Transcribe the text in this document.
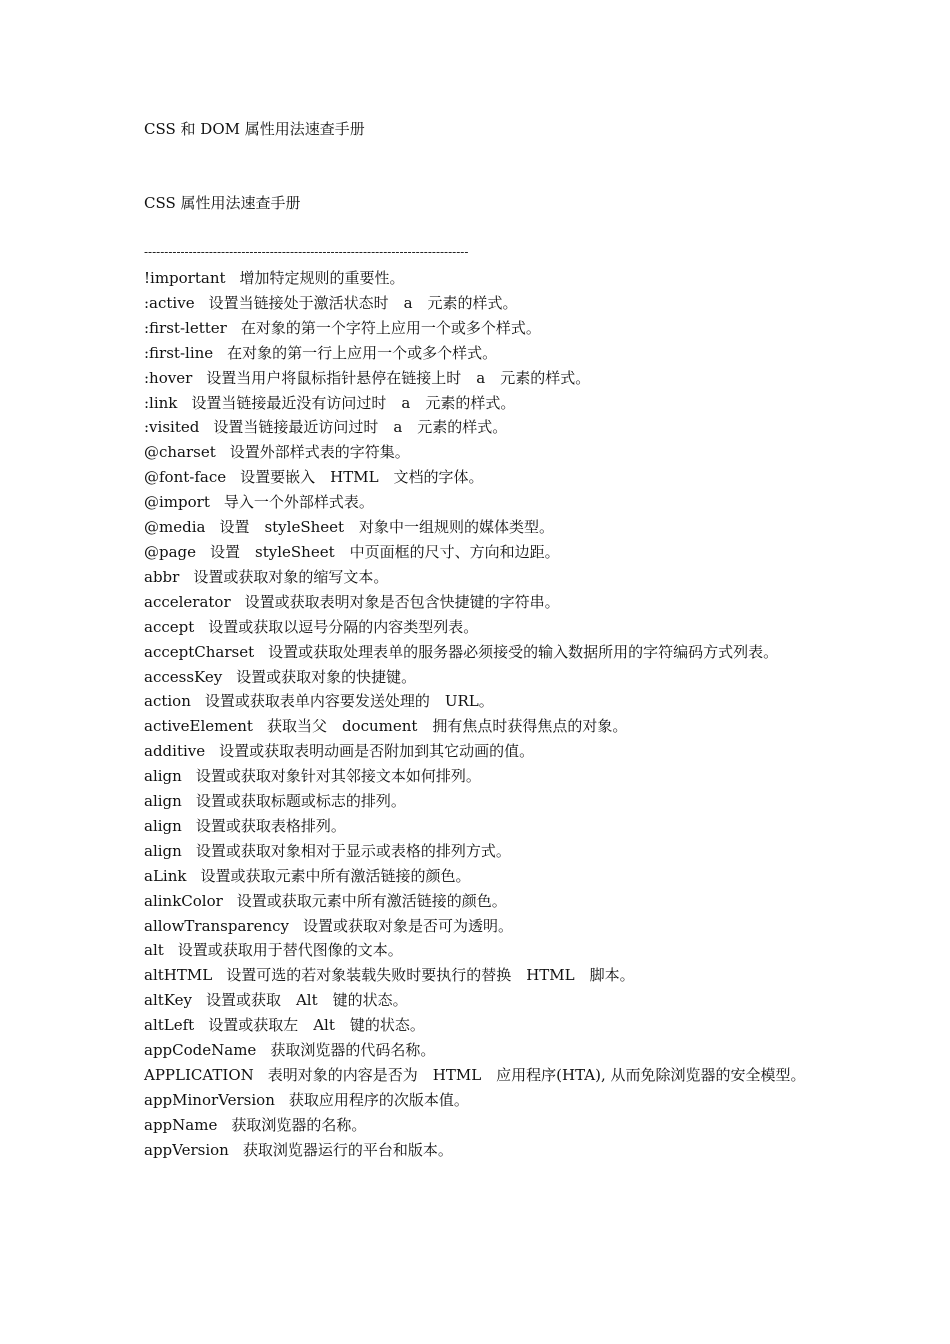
CSS 和 DOM 属性用法速查手册
CSS 属性用法速查手册
--------------------------------------------------------------------------------

!important 增加特定规则的重要性。

:active 设置当链接处于激活状态时　a　元素的样式。

:first-letter 在对象的第一个字符上应用一个或多个样式。

:first-line 在对象的第一行上应用一个或多个样式。

:hover 设置当用户将鼠标指针悬停在链接上时　a　元素的样式。

:link 设置当链接最近没有访问过时　a　元素的样式。

:visited 设置当链接最近访问过时　a　元素的样式。

@charset 设置外部样式表的字符集。

@font-face 设置要嵌入　HTML　文档的字体。

@import 导入一个外部样式表。

@media 设置　styleSheet　对象中一组规则的媒体类型。

@page 设置　styleSheet　中页面框的尺寸、方向和边距。

abbr 设置或获取对象的缩写文本。

accelerator 设置或获取表明对象是否包含快捷键的字符串。

accept 设置或获取以逗号分隔的内容类型列表。

acceptCharset 设置或获取处理表单的服务器必须接受的输入数据所用的字符编码方式列表。

accessKey 设置或获取对象的快捷键。

action 设置或获取表单内容要发送处理的　URL。

activeElement 获取当父　document　拥有焦点时获得焦点的对象。

additive 设置或获取表明动画是否附加到其它动画的值。

align 设置或获取对象针对其邻接文本如何排列。

align 设置或获取标题或标志的排列。

align 设置或获取表格排列。

align 设置或获取对象相对于显示或表格的排列方式。

aLink 设置或获取元素中所有激活链接的颜色。

alinkColor 设置或获取元素中所有激活链接的颜色。

allowTransparency 设置或获取对象是否可为透明。

alt 设置或获取用于替代图像的文本。

altHTML 设置可选的若对象装载失败时要执行的替换　HTML　脚本。

altKey 设置或获取　Alt　键的状态。

altLeft 设置或获取左　Alt　键的状态。

appCodeName 获取浏览器的代码名称。

APPLICATION 表明对象的内容是否为　HTML　应用程序(HTA), 从而免除浏览器的安全模型。

appMinorVersion 获取应用程序的次版本值。

appName 获取浏览器的名称。

appVersion 获取浏览器运行的平台和版本。
